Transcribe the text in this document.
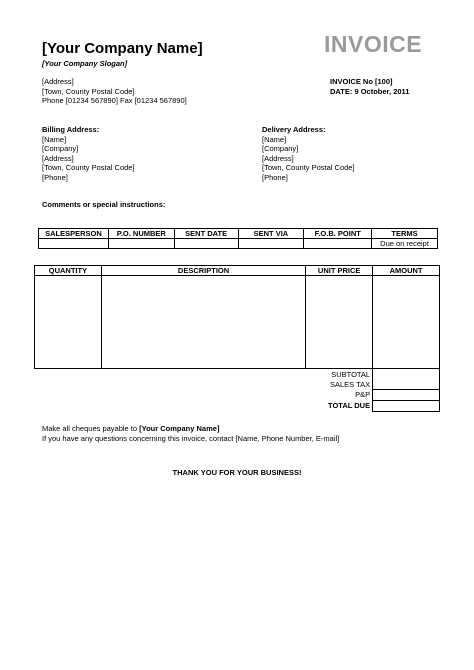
[Your Company Name]
[Your Company Slogan]
INVOICE
[Address]
[Town, County Postal Code]
Phone [01234 567890] Fax [01234 567890]
INVOICE No [100]
DATE: 9 October, 2011
Billing Address:
[Name]
[Company]
[Address]
[Town, County Postal Code]
[Phone]
Delivery Address:
[Name]
[Company]
[Address]
[Town, County Postal Code]
[Phone]
Comments or special instructions:
SALESPERSON	P.O. NUMBER	SENT DATE	SENT VIA	F.O.B. POINT	TERMS
					Due on receipt
QUANTITY	DESCRIPTION	UNIT PRICE	AMOUNT

		SUBTOTAL	
		SALES TAX	
		P&P	
		TOTAL DUE	
Make all cheques payable to [Your Company Name]
If you have any questions concerning this invoice, contact [Name, Phone Number, E-mail]
THANK YOU FOR YOUR BUSINESS!
